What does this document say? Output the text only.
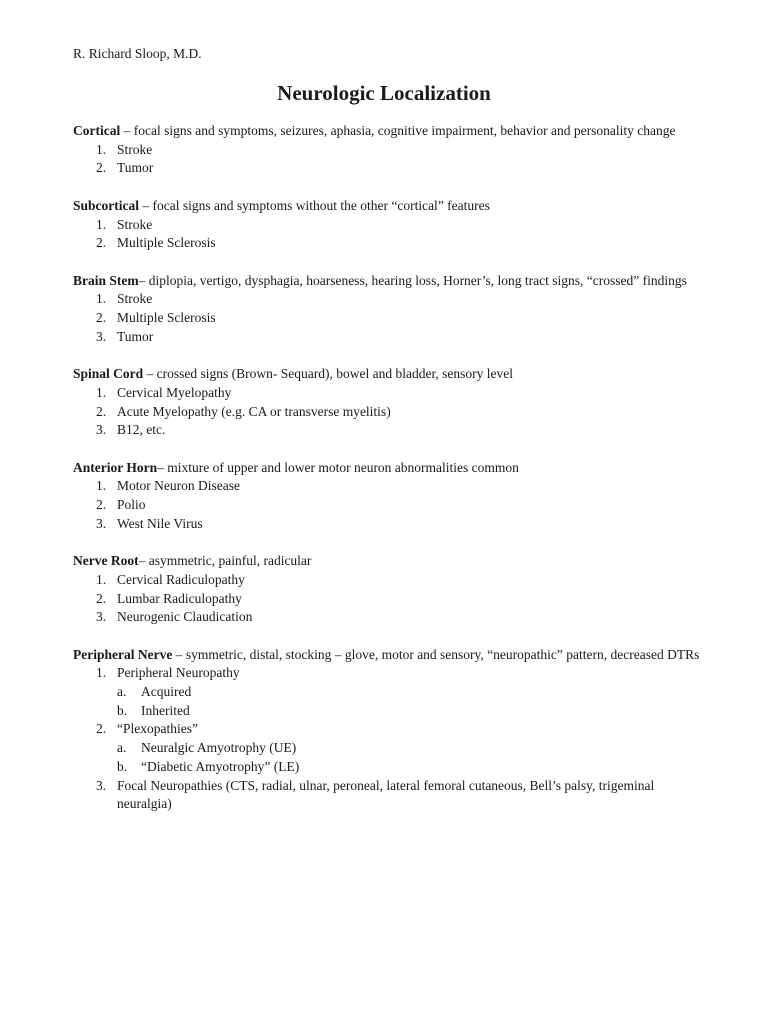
R. Richard Sloop, M.D.
Neurologic Localization

Cortical – focal signs and symptoms, seizures, aphasia, cognitive impairment, behavior and personality change

1. Stroke
2. Tumor

Subcortical – focal signs and symptoms without the other “cortical” features

1. Stroke
2. Multiple Sclerosis

Brain Stem– diplopia, vertigo, dysphagia, hoarseness, hearing loss, Horner’s, long tract signs, “crossed” findings

1. Stroke
2. Multiple Sclerosis
3. Tumor

Spinal Cord – crossed signs (Brown- Sequard), bowel and bladder, sensory level

1. Cervical Myelopathy
2. Acute Myelopathy (e.g. CA or transverse myelitis)
3. B12, etc.

Anterior Horn– mixture of upper and lower motor neuron abnormalities common

1. Motor Neuron Disease
2. Polio
3. West Nile Virus

Nerve Root– asymmetric, painful, radicular

1. Cervical Radiculopathy
2. Lumbar Radiculopathy
3. Neurogenic Claudication

Peripheral Nerve – symmetric, distal, stocking – glove, motor and sensory, “neuropathic” pattern, decreased DTRs

1. Peripheral Neuropathy
a. Acquired
b. Inherited
2. “Plexopathies”
a. Neuralgic Amyotrophy (UE)
b. “Diabetic Amyotrophy” (LE)
3. Focal Neuropathies (CTS, radial, ulnar, peroneal, lateral femoral cutaneous, Bell’s palsy, trigeminal neuralgia)
